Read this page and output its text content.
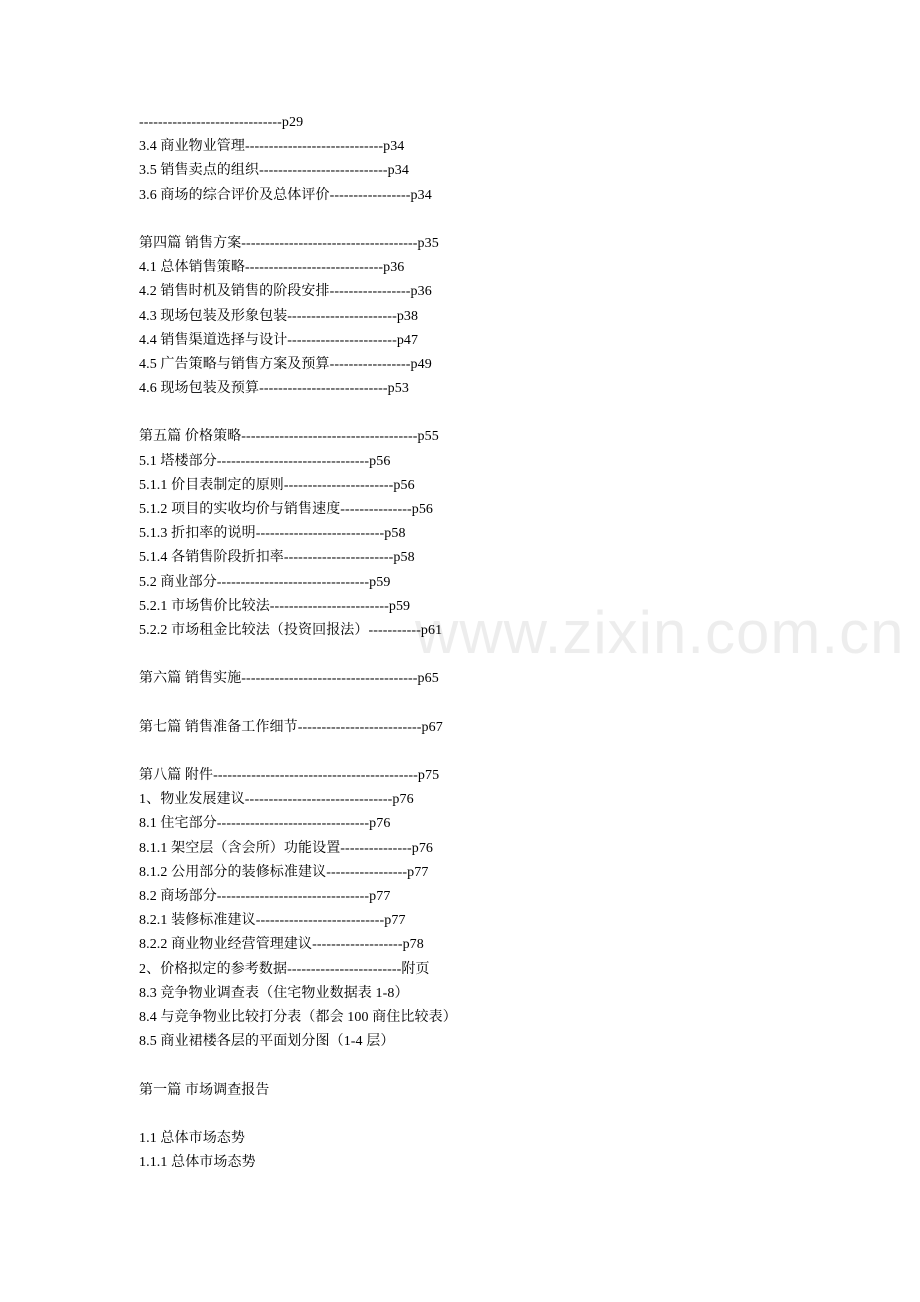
www.zixin.com.cn
------------------------------p29
3.4 商业物业管理-----------------------------p34
3.5 销售卖点的组织---------------------------p34
3.6 商场的综合评价及总体评价-----------------p34
第四篇 销售方案-------------------------------------p35
4.1 总体销售策略-----------------------------p36
4.2 销售时机及销售的阶段安排-----------------p36
4.3 现场包装及形象包装-----------------------p38
4.4 销售渠道选择与设计-----------------------p47
4.5 广告策略与销售方案及预算-----------------p49
4.6 现场包装及预算---------------------------p53
第五篇 价格策略-------------------------------------p55
5.1 塔楼部分--------------------------------p56
5.1.1 价目表制定的原则-----------------------p56
5.1.2 项目的实收均价与销售速度---------------p56
5.1.3 折扣率的说明---------------------------p58
5.1.4 各销售阶段折扣率-----------------------p58
5.2 商业部分--------------------------------p59
5.2.1 市场售价比较法-------------------------p59
5.2.2 市场租金比较法（投资回报法）-----------p61
第六篇 销售实施-------------------------------------p65
第七篇 销售准备工作细节--------------------------p67
第八篇 附件-------------------------------------------p75
1、物业发展建议-------------------------------p76
8.1 住宅部分--------------------------------p76
8.1.1 架空层（含会所）功能设置---------------p76
8.1.2 公用部分的装修标准建议-----------------p77
8.2 商场部分--------------------------------p77
8.2.1 装修标准建议---------------------------p77
8.2.2 商业物业经营管理建议-------------------p78
2、价格拟定的参考数据------------------------附页
8.3 竞争物业调查表（住宅物业数据表 1-8）
8.4 与竞争物业比较打分表（都会 100 商住比较表）
8.5 商业裙楼各层的平面划分图（1-4 层）
第一篇 市场调查报告
1.1 总体市场态势
1.1.1 总体市场态势
